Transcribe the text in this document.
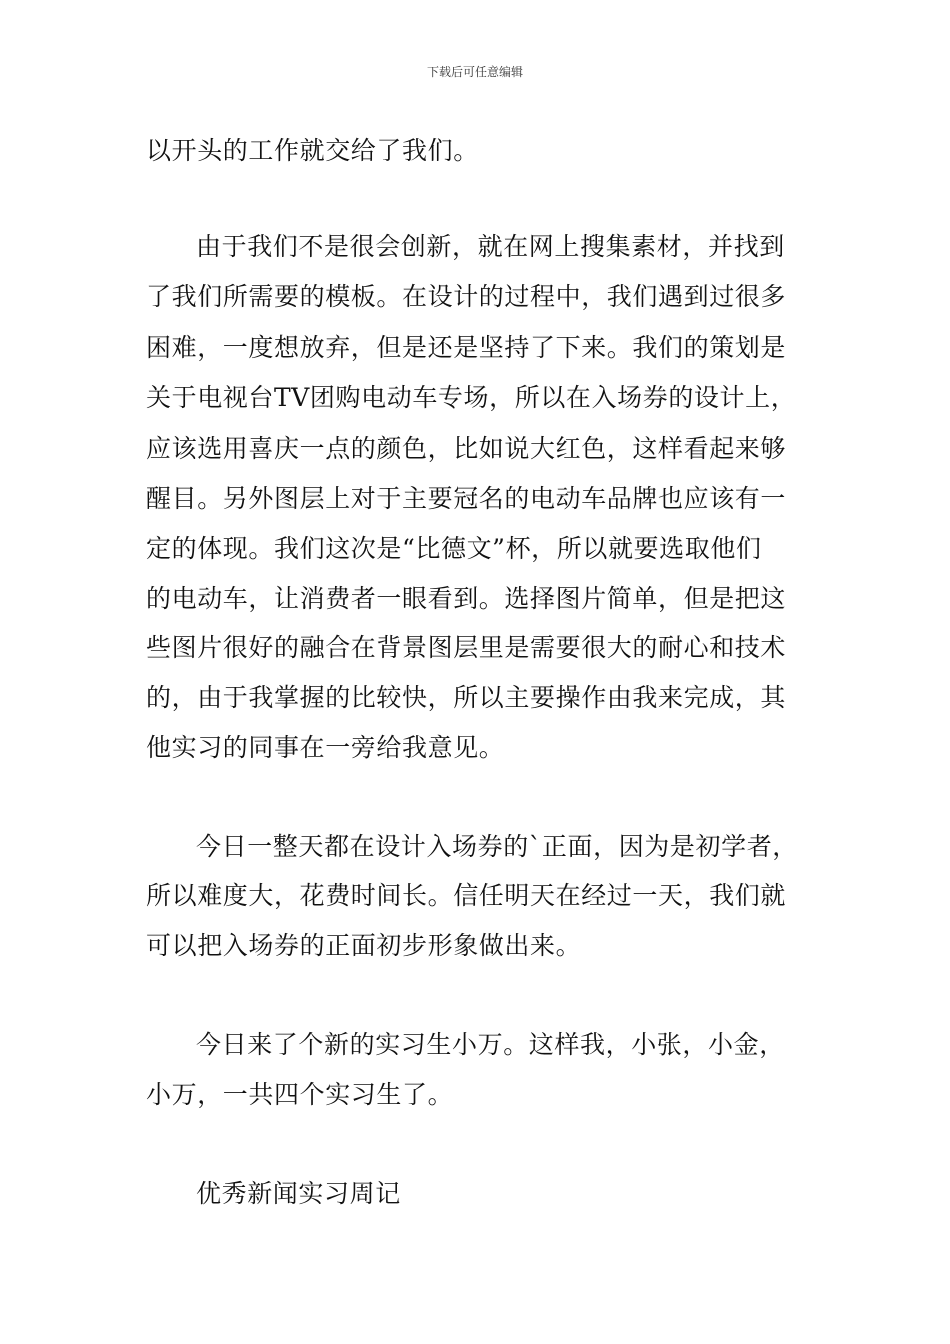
下载后可任意编辑
以开头的工作就交给了我们。
由于我们不是很会创新，就在网上搜集素材，并找到
了我们所需要的模板。在设计的过程中，我们遇到过很多
困难，一度想放弃，但是还是坚持了下来。我们的策划是
关于电视台TV团购电动车专场，所以在入场券的设计上，
应该选用喜庆一点的颜色，比如说大红色，这样看起来够
醒目。另外图层上对于主要冠名的电动车品牌也应该有一
定的体现。我们这次是“比德文”杯，所以就要选取他们
的电动车，让消费者一眼看到。选择图片简单，但是把这
些图片很好的融合在背景图层里是需要很大的耐心和技术
的，由于我掌握的比较快，所以主要操作由我来完成，其
他实习的同事在一旁给我意见。
今日一整天都在设计入场券的`正面，因为是初学者，
所以难度大，花费时间长。信任明天在经过一天，我们就
可以把入场券的正面初步形象做出来。
今日来了个新的实习生小万。这样我，小张，小金，
小万，一共四个实习生了。
优秀新闻实习周记
